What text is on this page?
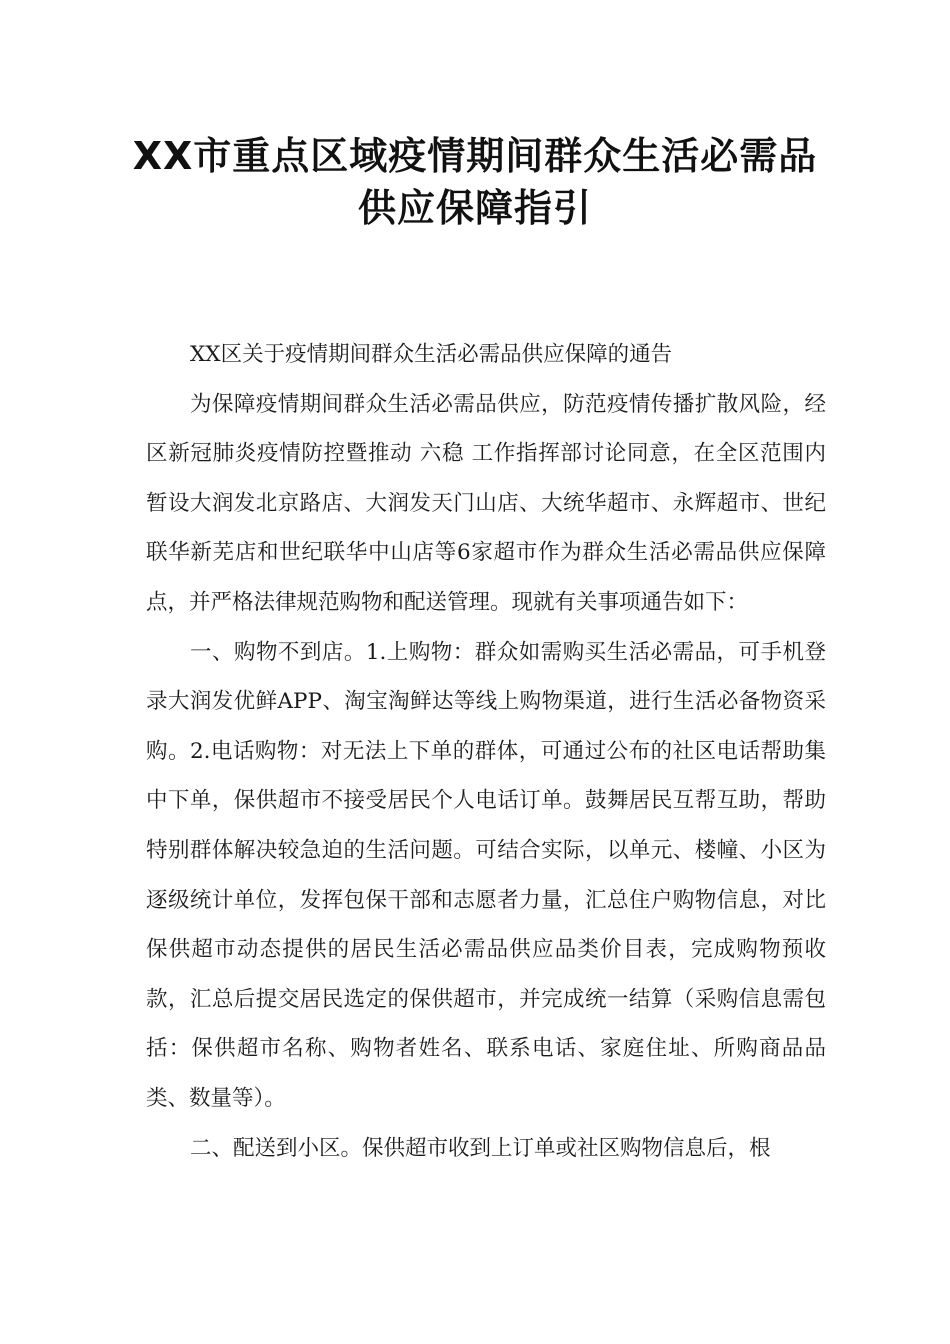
XX市重点区域疫情期间群众生活必需品
供应保障指引

XX区关于疫情期间群众生活必需品供应保障的通告

为保障疫情期间群众生活必需品供应，防范疫情传播扩散风险，经区新冠肺炎疫情防控暨推动 六稳 工作指挥部讨论同意，在全区范围内暂设大润发北京路店、大润发天门山店、大统华超市、永辉超市、世纪联华新芜店和世纪联华中山店等6家超市作为群众生活必需品供应保障点，并严格法律规范购物和配送管理。现就有关事项通告如下：

一、购物不到店。1.上购物：群众如需购买生活必需品，可手机登录大润发优鲜APP、淘宝淘鲜达等线上购物渠道，进行生活必备物资采购。2.电话购物：对无法上下单的群体，可通过公布的社区电话帮助集中下单，保供超市不接受居民个人电话订单。鼓舞居民互帮互助，帮助特别群体解决较急迫的生活问题。可结合实际，以单元、楼幢、小区为逐级统计单位，发挥包保干部和志愿者力量，汇总住户购物信息，对比保供超市动态提供的居民生活必需品供应品类价目表，完成购物预收款，汇总后提交居民选定的保供超市，并完成统一结算（采购信息需包括：保供超市名称、购物者姓名、联系电话、家庭住址、所购商品品类、数量等）。

二、配送到小区。保供超市收到上订单或社区购物信息后，根
